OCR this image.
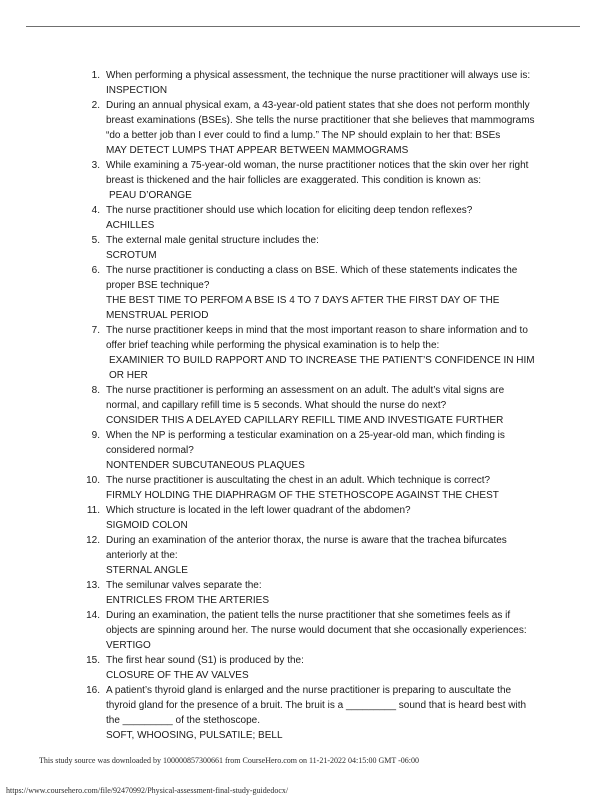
1. When performing a physical assessment, the technique the nurse practitioner will always use is:
INSPECTION
2. During an annual physical exam, a 43-year-old patient states that she does not perform monthly breast examinations (BSEs). She tells the nurse practitioner that she believes that mammograms “do a better job than I ever could to find a lump.” The NP should explain to her that: BSEs
MAY DETECT LUMPS THAT APPEAR BETWEEN MAMMOGRAMS
3. While examining a 75-year-old woman, the nurse practitioner notices that the skin over her right breast is thickened and the hair follicles are exaggerated. This condition is known as:
PEAU D’ORANGE
4. The nurse practitioner should use which location for eliciting deep tendon reflexes?
ACHILLES
5. The external male genital structure includes the:
SCROTUM
6. The nurse practitioner is conducting a class on BSE. Which of these statements indicates the proper BSE technique?
THE BEST TIME TO PERFOM A BSE IS 4 TO 7 DAYS AFTER THE FIRST DAY OF THE MENSTRUAL PERIOD
7. The nurse practitioner keeps in mind that the most important reason to share information and to offer brief teaching while performing the physical examination is to help the:
EXAMINIER TO BUILD RAPPORT AND TO INCREASE THE PATIENT’S CONFIDENCE IN HIM OR HER
8. The nurse practitioner is performing an assessment on an adult. The adult’s vital signs are normal, and capillary refill time is 5 seconds. What should the nurse do next?
CONSIDER THIS A DELAYED CAPILLARY REFILL TIME AND INVESTIGATE FURTHER
9. When the NP is performing a testicular examination on a 25-year-old man, which finding is considered normal?
NONTENDER SUBCUTANEOUS PLAQUES
10. The nurse practitioner is auscultating the chest in an adult. Which technique is correct?
FIRMLY HOLDING THE DIAPHRAGM OF THE STETHOSCOPE AGAINST THE CHEST
11. Which structure is located in the left lower quadrant of the abdomen?
SIGMOID COLON
12. During an examination of the anterior thorax, the nurse is aware that the trachea bifurcates anteriorly at the:
STERNAL ANGLE
13. The semilunar valves separate the:
ENTRICLES FROM THE ARTERIES
14. During an examination, the patient tells the nurse practitioner that she sometimes feels as if objects are spinning around her. The nurse would document that she occasionally experiences:
VERTIGO
15. The first hear sound (S1) is produced by the:
CLOSURE OF THE AV VALVES
16. A patient’s thyroid gland is enlarged and the nurse practitioner is preparing to auscultate the thyroid gland for the presence of a bruit. The bruit is a _________ sound that is heard best with the _________ of the stethoscope.
SOFT, WHOOSING, PULSATILE; BELL
This study source was downloaded by 100000857300661 from CourseHero.com on 11-21-2022 04:15:00 GMT -06:00
https://www.coursehero.com/file/92470992/Physical-assessment-final-study-guidedocx/
